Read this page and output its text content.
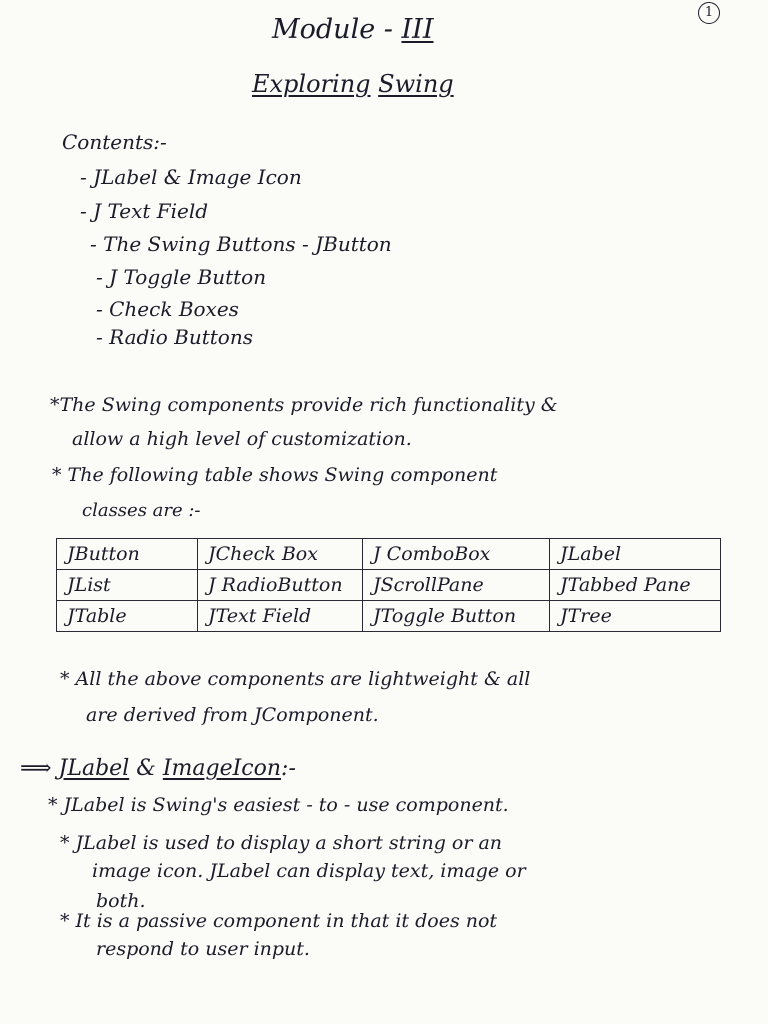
1
Module - III
Exploring Swing
Contents:-
- JLabel & Image Icon
- J Text Field
- The Swing Buttons - JButton
- J Toggle Button
- Check Boxes
- Radio Buttons
*The Swing components provide rich functionality &
allow a high level of customization.
* The following table shows Swing component
classes are :-
JButton	JCheck Box	J ComboBox	JLabel
JList	J RadioButton	JScrollPane	JTabbed Pane
JTable	JText Field	JToggle Button	JTree
* All the above components are lightweight & all
are derived from JComponent.
⟹ JLabel & ImageIcon:-
* JLabel is Swing's easiest - to - use component.
* JLabel is used to display a short string or an
image icon. JLabel can display text, image or
both.
* It is a passive component in that it does not
respond to user input.
